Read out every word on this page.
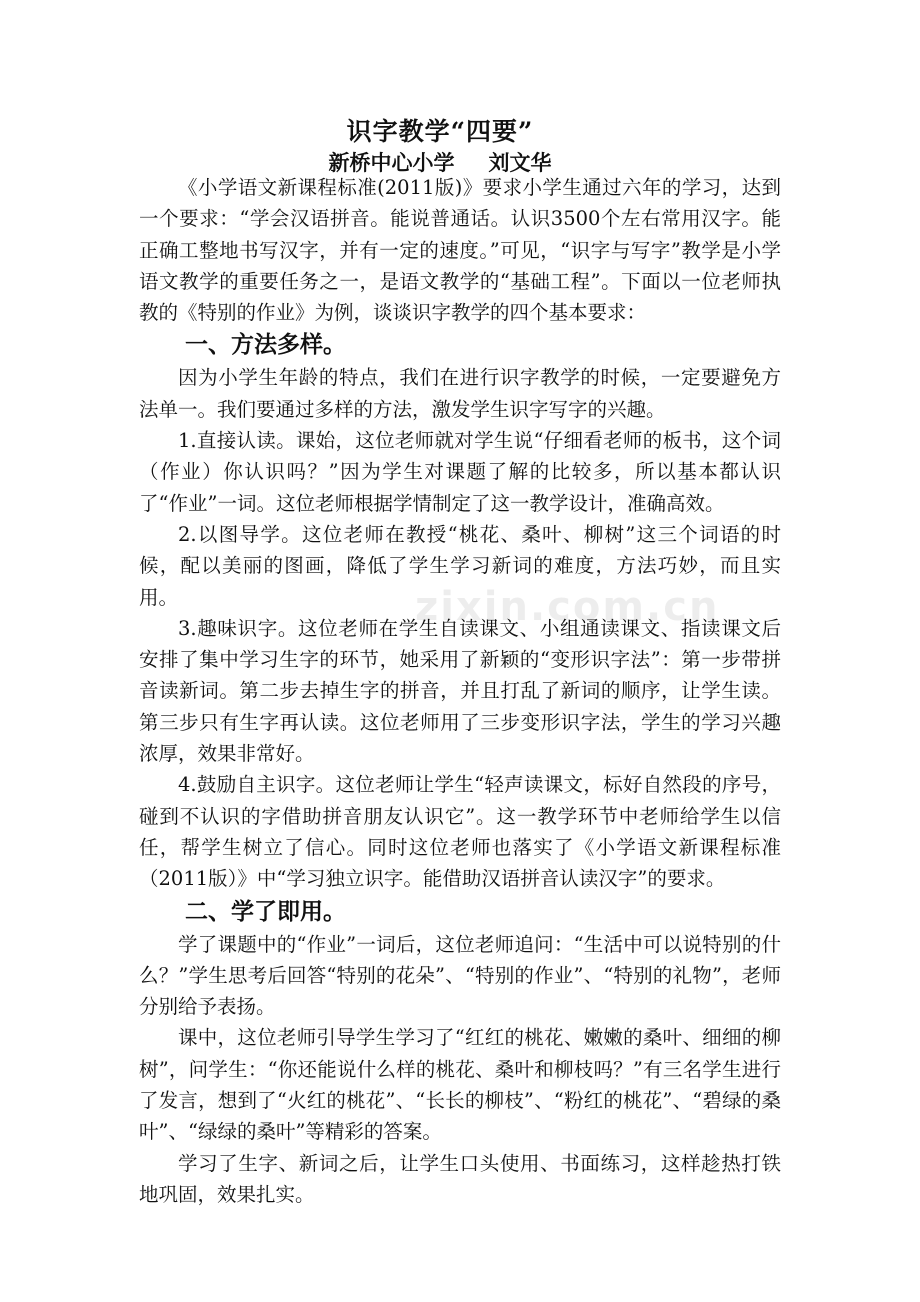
识字教学“四要”
新桥中心小学 刘文华

《小学语文新课程标准(2011版)》要求小学生通过六年的学习，达到一个要求：“学会汉语拼音。能说普通话。认识3500个左右常用汉字。能正确工整地书写汉字，并有一定的速度。”可见，“识字与写字”教学是小学语文教学的重要任务之一，是语文教学的“基础工程”。下面以一位老师执教的《特别的作业》为例，谈谈识字教学的四个基本要求：

一、方法多样。

因为小学生年龄的特点，我们在进行识字教学的时候，一定要避免方法单一。我们要通过多样的方法，激发学生识字写字的兴趣。

1.直接认读。课始，这位老师就对学生说“仔细看老师的板书，这个词（作业）你认识吗？”因为学生对课题了解的比较多，所以基本都认识了“作业”一词。这位老师根据学情制定了这一教学设计，准确高效。

2.以图导学。这位老师在教授“桃花、桑叶、柳树”这三个词语的时候，配以美丽的图画，降低了学生学习新词的难度，方法巧妙，而且实用。

3.趣味识字。这位老师在学生自读课文、小组通读课文、指读课文后安排了集中学习生字的环节，她采用了新颖的“变形识字法”：第一步带拼音读新词。第二步去掉生字的拼音，并且打乱了新词的顺序，让学生读。第三步只有生字再认读。这位老师用了三步变形识字法，学生的学习兴趣浓厚，效果非常好。

4.鼓励自主识字。这位老师让学生“轻声读课文，标好自然段的序号，碰到不认识的字借助拼音朋友认识它”。这一教学环节中老师给学生以信任，帮学生树立了信心。同时这位老师也落实了《小学语文新课程标准（2011版）》中“学习独立识字。能借助汉语拼音认读汉字”的要求。

二、学了即用。

学了课题中的“作业”一词后，这位老师追问：“生活中可以说特别的什么？”学生思考后回答“特别的花朵”、“特别的作业”、“特别的礼物”，老师分别给予表扬。

课中，这位老师引导学生学习了“红红的桃花、嫩嫩的桑叶、细细的柳树”，问学生：“你还能说什么样的桃花、桑叶和柳枝吗？”有三名学生进行了发言，想到了“火红的桃花”、“长长的柳枝”、“粉红的桃花”、“碧绿的桑叶”、“绿绿的桑叶”等精彩的答案。

学习了生字、新词之后，让学生口头使用、书面练习，这样趁热打铁地巩固，效果扎实。

zixin.com.cn
